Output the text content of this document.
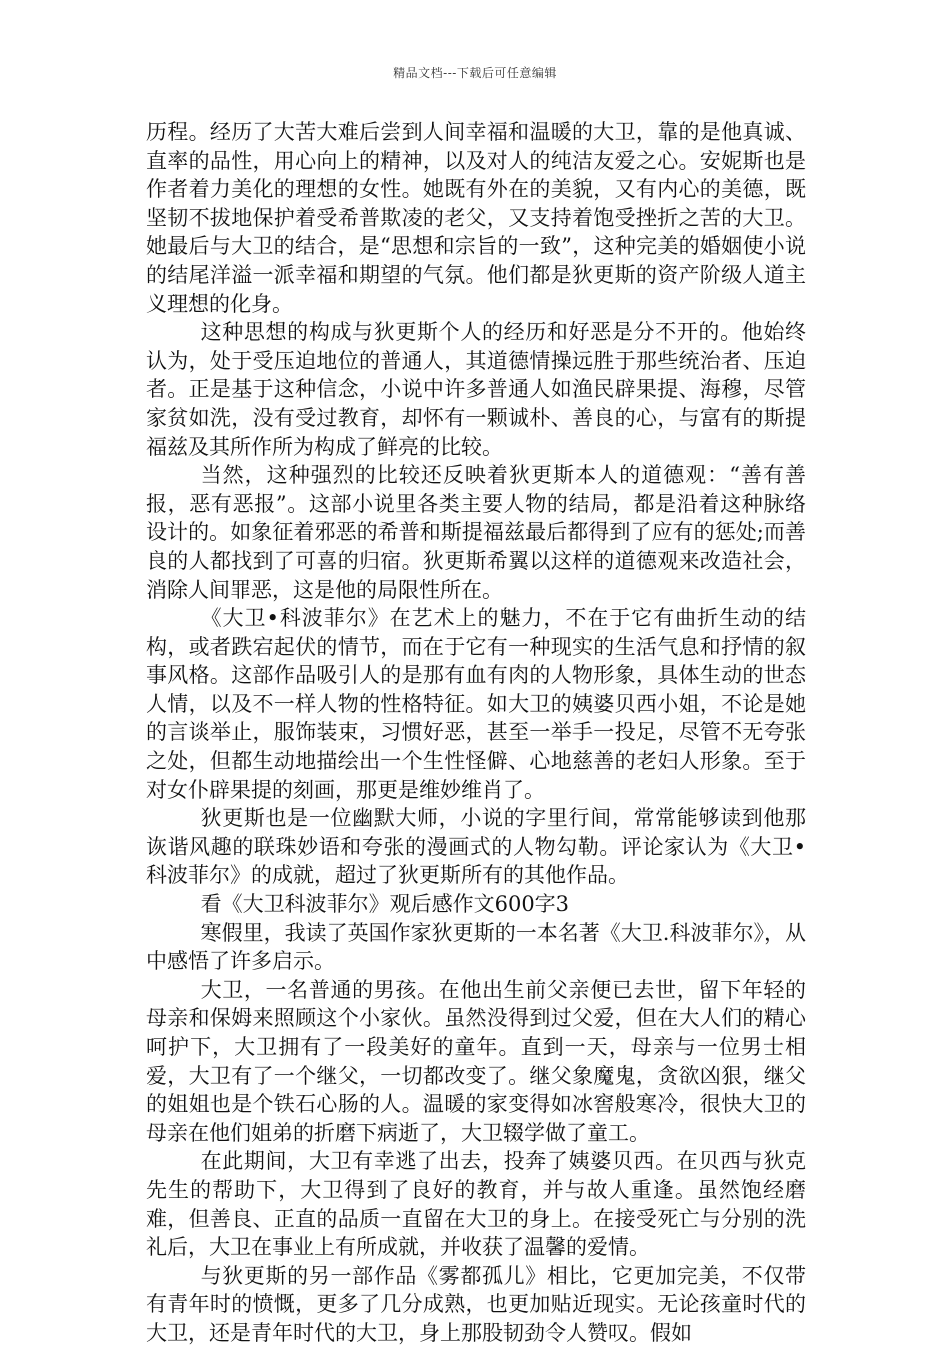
精品文档---下载后可任意编辑

历程。经历了大苦大难后尝到人间幸福和温暖的大卫，靠的是他真诚、直率的品性，用心向上的精神，以及对人的纯洁友爱之心。安妮斯也是作者着力美化的理想的女性。她既有外在的美貌，又有内心的美德，既坚韧不拔地保护着受希普欺凌的老父，又支持着饱受挫折之苦的大卫。她最后与大卫的结合，是“思想和宗旨的一致”，这种完美的婚姻使小说的结尾洋溢一派幸福和期望的气氛。他们都是狄更斯的资产阶级人道主义理想的化身。

这种思想的构成与狄更斯个人的经历和好恶是分不开的。他始终认为，处于受压迫地位的普通人，其道德情操远胜于那些统治者、压迫者。正是基于这种信念，小说中许多普通人如渔民辟果提、海穆，尽管家贫如洗，没有受过教育，却怀有一颗诚朴、善良的心，与富有的斯提福兹及其所作所为构成了鲜亮的比较。

当然，这种强烈的比较还反映着狄更斯本人的道德观：“善有善报，恶有恶报”。这部小说里各类主要人物的结局，都是沿着这种脉络设计的。如象征着邪恶的希普和斯提福兹最后都得到了应有的惩处;而善良的人都找到了可喜的归宿。狄更斯希翼以这样的道德观来改造社会，消除人间罪恶，这是他的局限性所在。

《大卫•科波菲尔》在艺术上的魅力，不在于它有曲折生动的结构，或者跌宕起伏的情节，而在于它有一种现实的生活气息和抒情的叙事风格。这部作品吸引人的是那有血有肉的人物形象，具体生动的世态人情，以及不一样人物的性格特征。如大卫的姨婆贝西小姐，不论是她的言谈举止，服饰装束，习惯好恶，甚至一举手一投足，尽管不无夸张之处，但都生动地描绘出一个生性怪僻、心地慈善的老妇人形象。至于对女仆辟果提的刻画，那更是维妙维肖了。

狄更斯也是一位幽默大师，小说的字里行间，常常能够读到他那诙谐风趣的联珠妙语和夸张的漫画式的人物勾勒。评论家认为《大卫•科波菲尔》的成就，超过了狄更斯所有的其他作品。

看《大卫科波菲尔》观后感作文600字3

寒假里，我读了英国作家狄更斯的一本名著《大卫.科波菲尔》，从中感悟了许多启示。

大卫，一名普通的男孩。在他出生前父亲便已去世，留下年轻的母亲和保姆来照顾这个小家伙。虽然没得到过父爱，但在大人们的精心呵护下，大卫拥有了一段美好的童年。直到一天，母亲与一位男士相爱，大卫有了一个继父，一切都改变了。继父象魔鬼，贪欲凶狠，继父的姐姐也是个铁石心肠的人。温暖的家变得如冰窖般寒冷，很快大卫的母亲在他们姐弟的折磨下病逝了，大卫辍学做了童工。

在此期间，大卫有幸逃了出去，投奔了姨婆贝西。在贝西与狄克先生的帮助下，大卫得到了良好的教育，并与故人重逢。虽然饱经磨难，但善良、正直的品质一直留在大卫的身上。在接受死亡与分别的洗礼后，大卫在事业上有所成就，并收获了温馨的爱情。

与狄更斯的另一部作品《雾都孤儿》相比，它更加完美，不仅带有青年时的愤慨，更多了几分成熟，也更加贴近现实。无论孩童时代的大卫，还是青年时代的大卫，身上那股韧劲令人赞叹。假如
